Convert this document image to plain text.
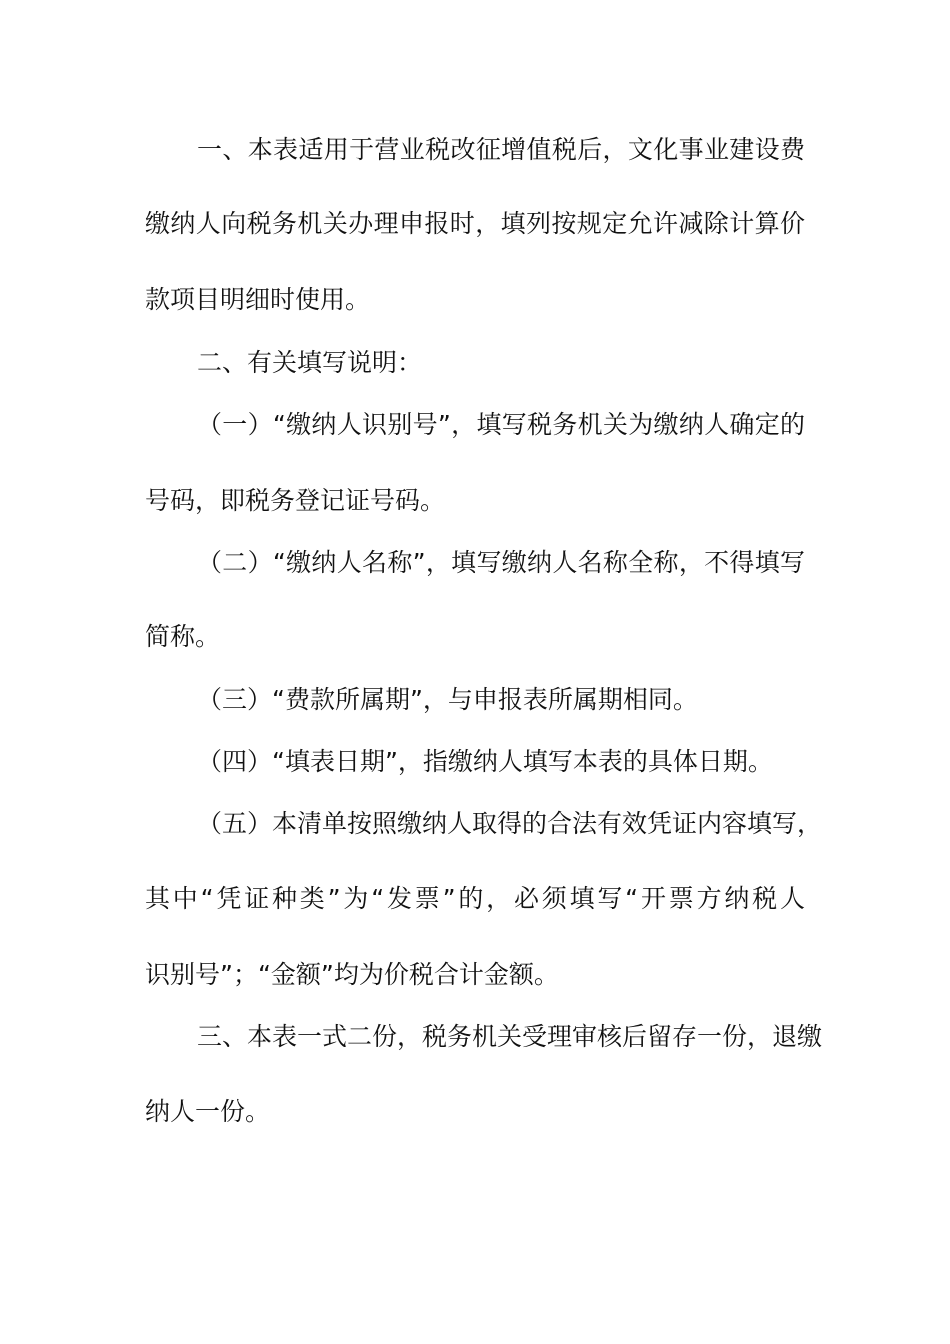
一、本表适用于营业税改征增值税后，文化事业建设费
缴纳人向税务机关办理申报时，填列按规定允许减除计算价
款项目明细时使用。
二、有关填写说明：
（一）“缴纳人识别号”，填写税务机关为缴纳人确定的
号码，即税务登记证号码。
（二）“缴纳人名称”，填写缴纳人名称全称，不得填写
简称。
（三）“费款所属期”，与申报表所属期相同。
（四）“填表日期”，指缴纳人填写本表的具体日期。
（五）本清单按照缴纳人取得的合法有效凭证内容填写，
其中“凭证种类”为“发票”的，必须填写“开票方纳税人
识别号”；“金额”均为价税合计金额。
三、本表一式二份，税务机关受理审核后留存一份，退缴
纳人一份。
